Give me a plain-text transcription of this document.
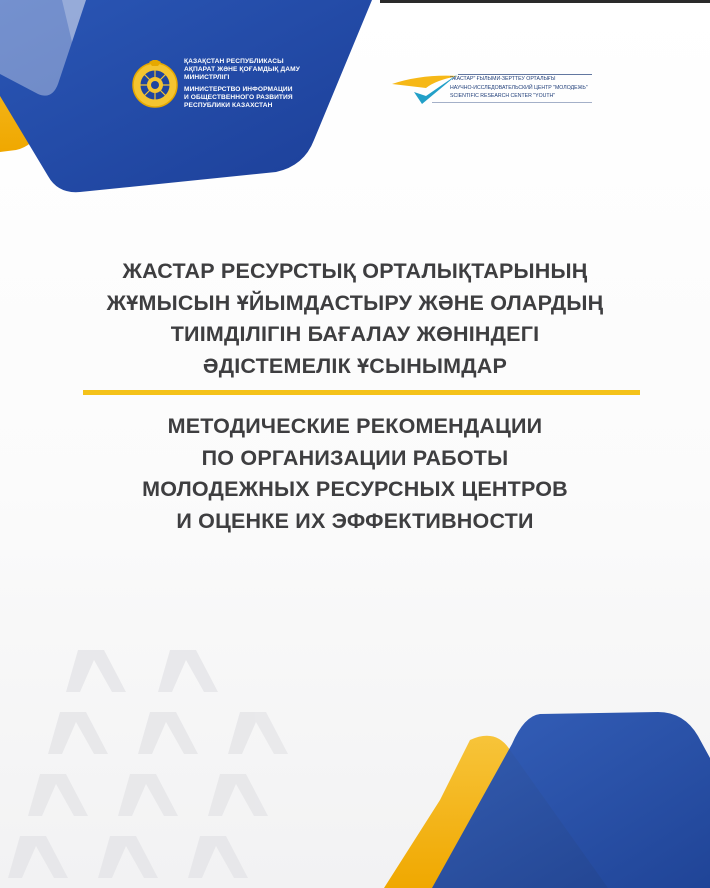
ҚАЗАҚСТАН РЕСПУБЛИКАСЫ
АҚПАРАТ ЖӘНЕ ҚОҒАМДЫҚ ДАМУ
МИНИСТРЛІГІ
МИНИСТЕРСТВО ИНФОРМАЦИИ
И ОБЩЕСТВЕННОГО РАЗВИТИЯ
РЕСПУБЛИКИ КАЗАХСТАН
"ЖАСТАР" ҒЫЛЫМИ-ЗЕРТТЕУ ОРТАЛЫҒЫ
НАУЧНО-ИССЛЕДОВАТЕЛЬСКИЙ ЦЕНТР "МОЛОДЕЖЬ"
SCIENTIFIC RESEARCH CENTER "YOUTH"
ЖАСТАР РЕСУРСТЫҚ ОРТАЛЫҚТАРЫНЫҢ
ЖҰМЫСЫН ҰЙЫМДАСТЫРУ ЖӘНЕ ОЛАРДЫҢ
ТИІМДІЛІГІН БАҒАЛАУ ЖӨНІНДЕГІ
ӘДІСТЕМЕЛІК ҰСЫНЫМДАР
МЕТОДИЧЕСКИЕ РЕКОМЕНДАЦИИ
ПО ОРГАНИЗАЦИИ РАБОТЫ
МОЛОДЕЖНЫХ РЕСУРСНЫХ ЦЕНТРОВ
И ОЦЕНКЕ ИХ ЭФФЕКТИВНОСТИ
